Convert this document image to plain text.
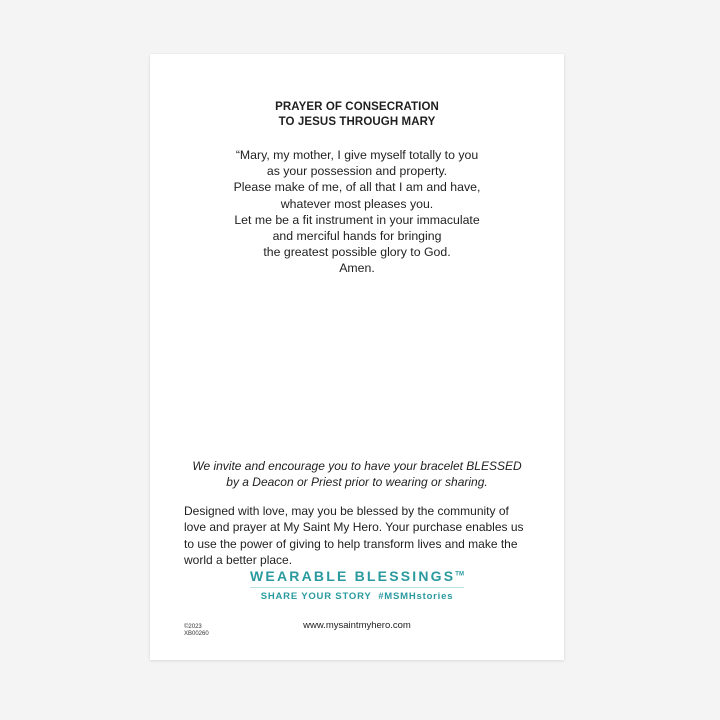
PRAYER OF CONSECRATION
TO JESUS THROUGH MARY
“Mary, my mother, I give myself totally to you
as your possession and property.
Please make of me, of all that I am and have,
whatever most pleases you.
Let me be a fit instrument in your immaculate
and merciful hands for bringing
the greatest possible glory to God.
Amen.
We invite and encourage you to have your bracelet BLESSED
by a Deacon or Priest prior to wearing or sharing.
Designed with love, may you be blessed by the community of love and prayer at My Saint My Hero. Your purchase enables us to use the power of giving to help transform lives and make the world a better place.
WEARABLE BLESSINGS™
SHARE YOUR STORY  #MSMHstories
©2023
XB00260
www.mysaintmyhero.com
